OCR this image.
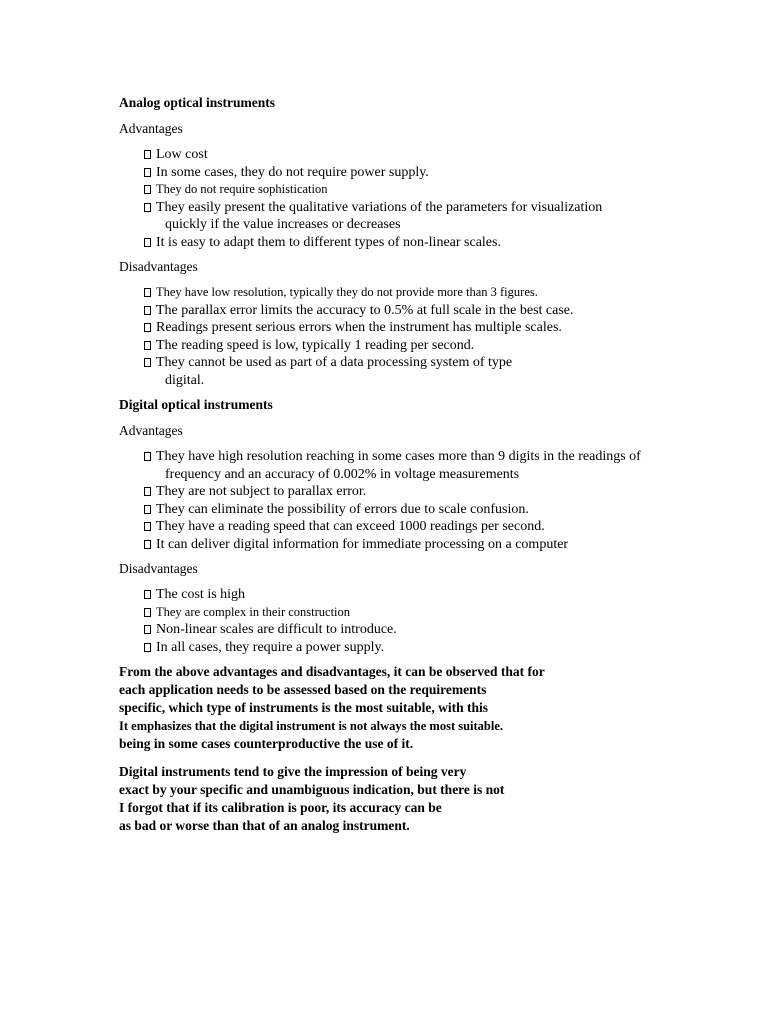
Analog optical instruments
Advantages
Low cost
In some cases, they do not require power supply.
They do not require sophistication
They easily present the qualitative variations of the parameters for visualization
quickly if the value increases or decreases
It is easy to adapt them to different types of non-linear scales.
Disadvantages
They have low resolution, typically they do not provide more than 3 figures.
The parallax error limits the accuracy to 0.5% at full scale in the best case.
Readings present serious errors when the instrument has multiple scales.
The reading speed is low, typically 1 reading per second.
They cannot be used as part of a data processing system of type
digital.
Digital optical instruments
Advantages
They have high resolution reaching in some cases more than 9 digits in the readings of
frequency and an accuracy of 0.002% in voltage measurements
They are not subject to parallax error.
They can eliminate the possibility of errors due to scale confusion.
They have a reading speed that can exceed 1000 readings per second.
It can deliver digital information for immediate processing on a computer
Disadvantages
The cost is high
They are complex in their construction
Non-linear scales are difficult to introduce.
In all cases, they require a power supply.
From the above advantages and disadvantages, it can be observed that for
each application needs to be assessed based on the requirements
specific, which type of instruments is the most suitable, with this
It emphasizes that the digital instrument is not always the most suitable.
being in some cases counterproductive the use of it.
Digital instruments tend to give the impression of being very
exact by your specific and unambiguous indication, but there is not
I forgot that if its calibration is poor, its accuracy can be
as bad or worse than that of an analog instrument.
